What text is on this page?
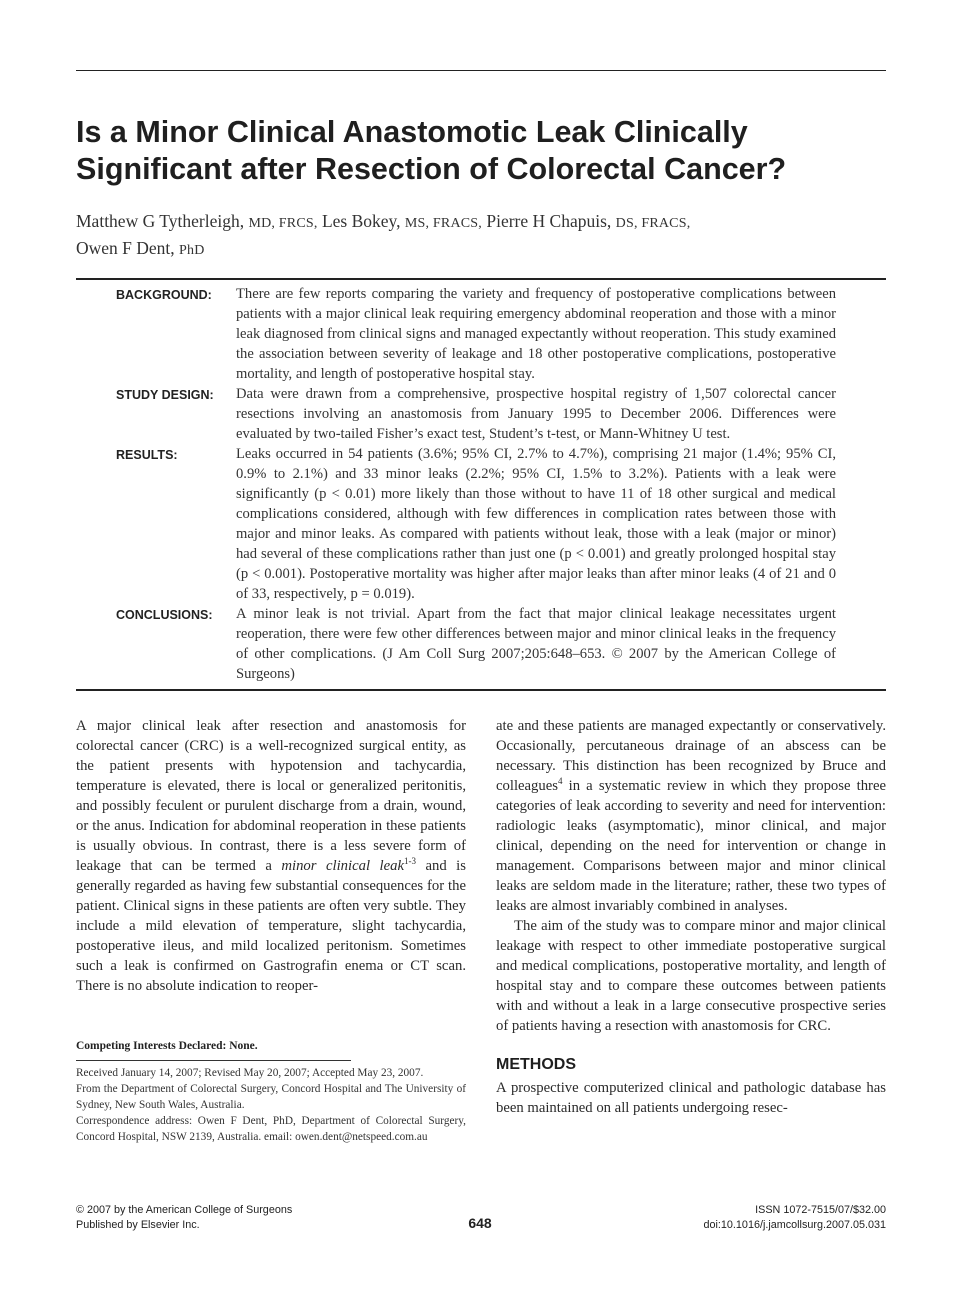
Is a Minor Clinical Anastomotic Leak Clinically Significant after Resection of Colorectal Cancer?
Matthew G Tytherleigh, MD, FRCS, Les Bokey, MS, FRACS, Pierre H Chapuis, DS, FRACS,
Owen F Dent, PhD
BACKGROUND:	There are few reports comparing the variety and frequency of postoperative complications between patients with a major clinical leak requiring emergency abdominal reoperation and those with a minor leak diagnosed from clinical signs and managed expectantly without reoperation. This study examined the association between severity of leakage and 18 other postoperative complications, postoperative mortality, and length of postoperative hospital stay.
STUDY DESIGN:	Data were drawn from a comprehensive, prospective hospital registry of 1,507 colorectal cancer resections involving an anastomosis from January 1995 to December 2006. Differences were evaluated by two-tailed Fisher’s exact test, Student’s t-test, or Mann-Whitney U test.
RESULTS:	Leaks occurred in 54 patients (3.6%; 95% CI, 2.7% to 4.7%), comprising 21 major (1.4%; 95% CI, 0.9% to 2.1%) and 33 minor leaks (2.2%; 95% CI, 1.5% to 3.2%). Patients with a leak were significantly (p < 0.01) more likely than those without to have 11 of 18 other surgical and medical complications considered, although with few differences in complication rates between those with major and minor leaks. As compared with patients without leak, those with a leak (major or minor) had several of these complications rather than just one (p < 0.001) and greatly prolonged hospital stay (p < 0.001). Postoperative mortality was higher after major leaks than after minor leaks (4 of 21 and 0 of 33, respectively, p = 0.019).
CONCLUSIONS:	A minor leak is not trivial. Apart from the fact that major clinical leakage necessitates urgent reoperation, there were few other differences between major and minor clinical leaks in the frequency of other complications. (J Am Coll Surg 2007;205:648–653. © 2007 by the American College of Surgeons)

A major clinical leak after resection and anastomosis for colorectal cancer (CRC) is a well-recognized surgical entity, as the patient presents with hypotension and tachycardia, temperature is elevated, there is local or generalized peritonitis, and possibly feculent or purulent discharge from a drain, wound, or the anus. Indication for abdominal reoperation in these patients is usually obvious. In contrast, there is a less severe form of leakage that can be termed a minor clinical leak$^{1-3}$ and is generally regarded as having few substantial consequences for the patient. Clinical signs in these patients are often very subtle. They include a mild elevation of temperature, slight tachycardia, postoperative ileus, and mild localized peritonism. Sometimes such a leak is confirmed on Gastrografin enema or CT scan. There is no absolute indication to reoper-

Competing Interests Declared: None.

Received January 14, 2007; Revised May 20, 2007; Accepted May 23, 2007.

From the Department of Colorectal Surgery, Concord Hospital and The University of Sydney, New South Wales, Australia.

Correspondence address: Owen F Dent, PhD, Department of Colorectal Surgery, Concord Hospital, NSW 2139, Australia. email: owen.dent@netspeed.com.au

ate and these patients are managed expectantly or conservatively. Occasionally, percutaneous drainage of an abscess can be necessary. This distinction has been recognized by Bruce and colleagues$^4$ in a systematic review in which they propose three categories of leak according to severity and need for intervention: radiologic leaks (asymptomatic), minor clinical, and major clinical, depending on the need for intervention or change in management. Comparisons between major and minor clinical leaks are seldom made in the literature; rather, these two types of leaks are almost invariably combined in analyses.

The aim of the study was to compare minor and major clinical leakage with respect to other immediate postoperative surgical and medical complications, postoperative mortality, and length of hospital stay and to compare these outcomes between patients with and without a leak in a large consecutive prospective series of patients having a resection with anastomosis for CRC.

METHODS

A prospective computerized clinical and pathologic database has been maintained on all patients undergoing resec-

© 2007 by the American College of Surgeons
Published by Elsevier Inc.	648
ISSN 1072-7515/07/$32.00
doi:10.1016/j.jamcollsurg.2007.05.031
